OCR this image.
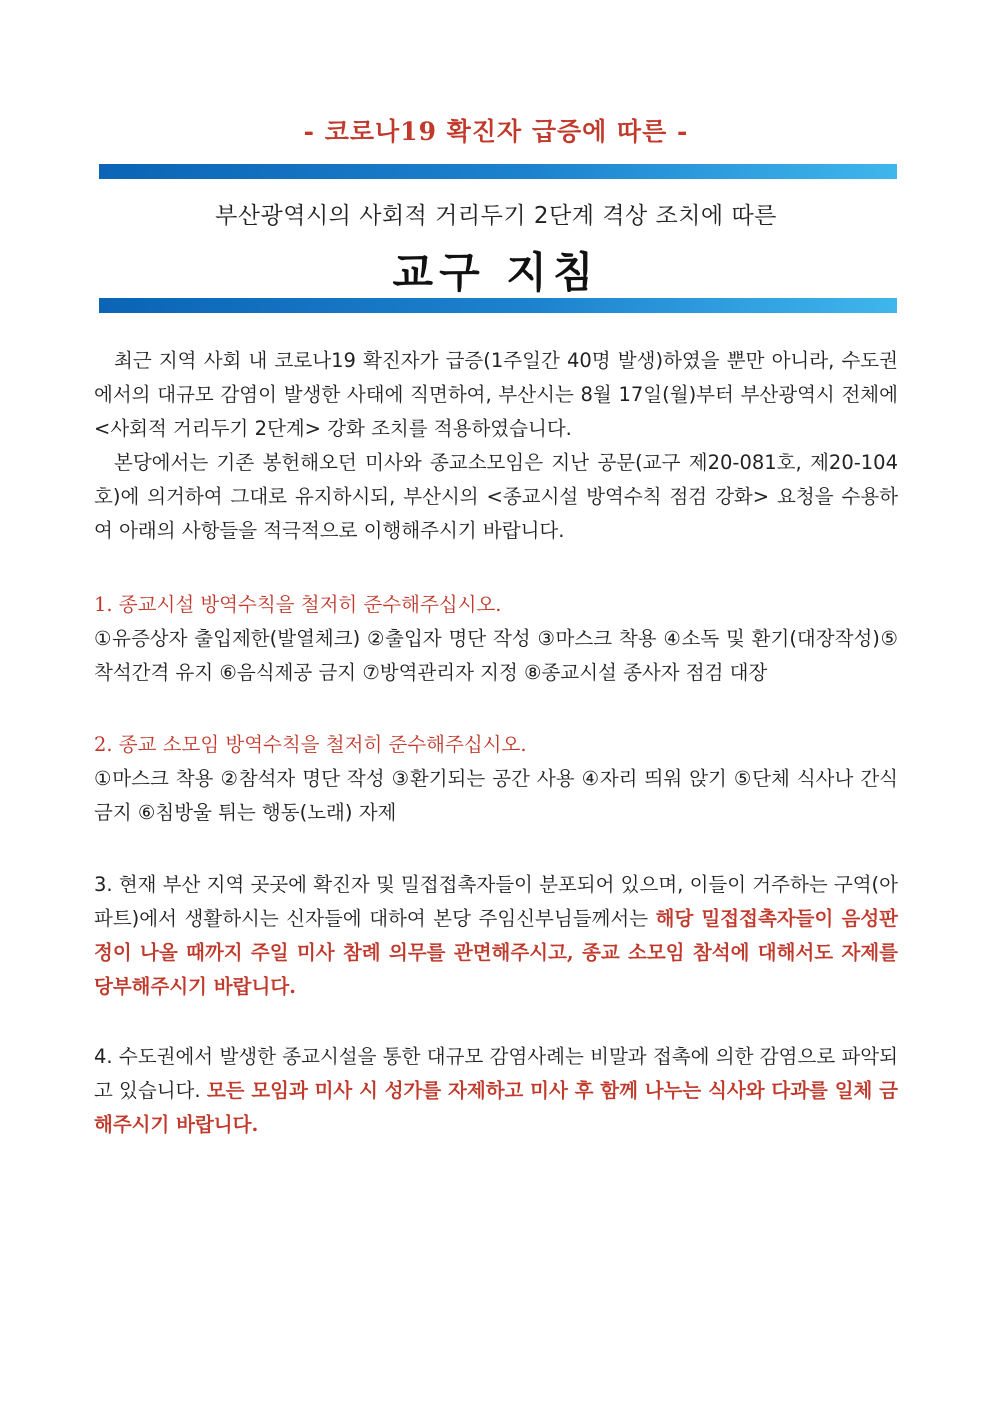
- 코로나19 확진자 급증에 따른 -
부산광역시의 사회적 거리두기 2단계 격상 조치에 따른
교구 지침

최근 지역 사회 내 코로나19 확진자가 급증(1주일간 40명 발생)하였을 뿐만 아니라, 수도권에서의 대규모 감염이 발생한 사태에 직면하여, 부산시는 8월 17일(월)부터 부산광역시 전체에 <사회적 거리두기 2단계> 강화 조치를 적용하였습니다.

본당에서는 기존 봉헌해오던 미사와 종교소모임은 지난 공문(교구 제20-081호, 제20-104호)에 의거하여 그대로 유지하시되, 부산시의 <종교시설 방역수칙 점검 강화> 요청을 수용하여 아래의 사항들을 적극적으로 이행해주시기 바랍니다.

1. 종교시설 방역수칙을 철저히 준수해주십시오.

①유증상자 출입제한(발열체크) ②출입자 명단 작성 ③마스크 착용 ④소독 및 환기(대장작성)⑤착석간격 유지 ⑥음식제공 금지 ⑦방역관리자 지정 ⑧종교시설 종사자 점검 대장

2. 종교 소모임 방역수칙을 철저히 준수해주십시오.

①마스크 착용 ②참석자 명단 작성 ③환기되는 공간 사용 ④자리 띄워 앉기 ⑤단체 식사나 간식 금지 ⑥침방울 튀는 행동(노래) 자제

3. 현재 부산 지역 곳곳에 확진자 및 밀접접촉자들이 분포되어 있으며, 이들이 거주하는 구역(아파트)에서 생활하시는 신자들에 대하여 본당 주임신부님들께서는 해당 밀접접촉자들이 음성판정이 나올 때까지 주일 미사 참례 의무를 관면해주시고, 종교 소모임 참석에 대해서도 자제를 당부해주시기 바랍니다.

4. 수도권에서 발생한 종교시설을 통한 대규모 감염사례는 비말과 접촉에 의한 감염으로 파악되고 있습니다. 모든 모임과 미사 시 성가를 자제하고 미사 후 함께 나누는 식사와 다과를 일체 금해주시기 바랍니다.
